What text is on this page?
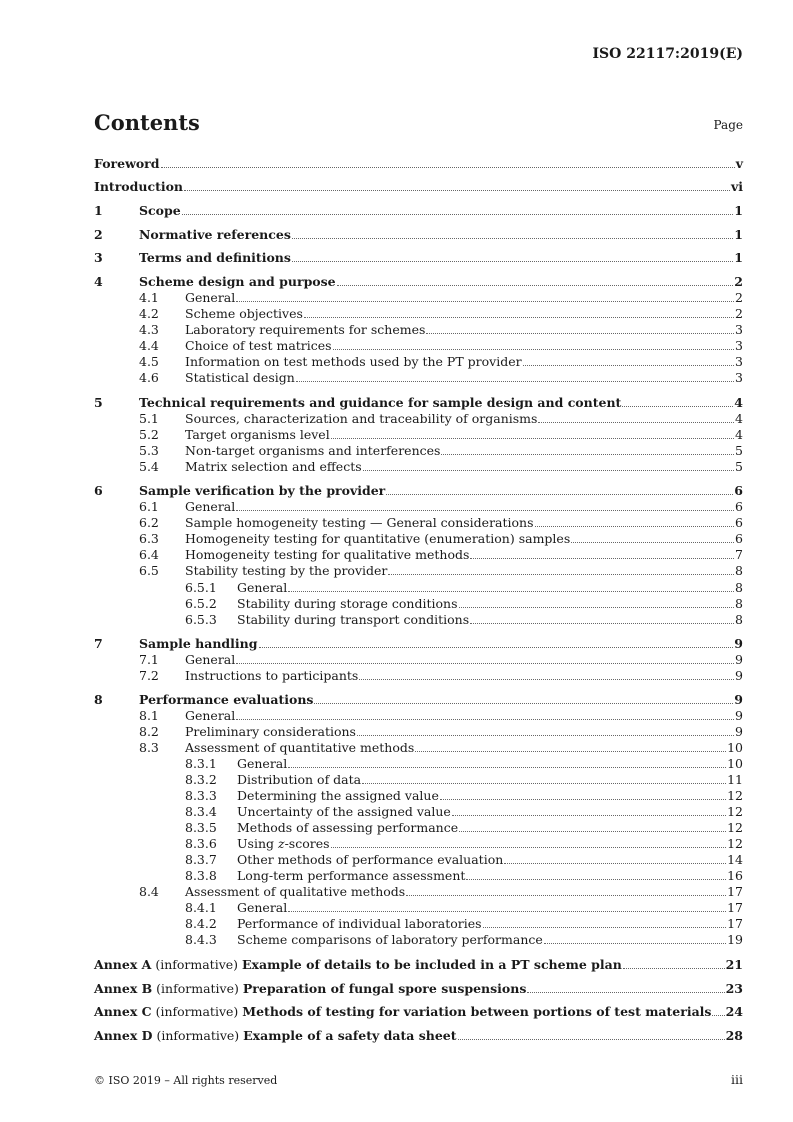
ISO 22117:2019(E)
Contents	Page
Foreword	v
Introduction	vi
1	Scope	1
2	Normative references	1
3	Terms and definitions	1
4	Scheme design and purpose	2
4.1	General	2
4.2	Scheme objectives	2
4.3	Laboratory requirements for schemes	3
4.4	Choice of test matrices	3
4.5	Information on test methods used by the PT provider	3
4.6	Statistical design	3
5	Technical requirements and guidance for sample design and content	4
5.1	Sources, characterization and traceability of organisms	4
5.2	Target organisms level	4
5.3	Non-target organisms and interferences	5
5.4	Matrix selection and effects	5
6	Sample verification by the provider	6
6.1	General	6
6.2	Sample homogeneity testing — General considerations	6
6.3	Homogeneity testing for quantitative (enumeration) samples	6
6.4	Homogeneity testing for qualitative methods	7
6.5	Stability testing by the provider	8
6.5.1	General	8
6.5.2	Stability during storage conditions	8
6.5.3	Stability during transport conditions	8
7	Sample handling	9
7.1	General	9
7.2	Instructions to participants	9
8	Performance evaluations	9
8.1	General	9
8.2	Preliminary considerations	9
8.3	Assessment of quantitative methods	10
8.3.1	General	10
8.3.2	Distribution of data	11
8.3.3	Determining the assigned value	12
8.3.4	Uncertainty of the assigned value	12
8.3.5	Methods of assessing performance	12
8.3.6	Using z-scores	12
8.3.7	Other methods of performance evaluation	14
8.3.8	Long-term performance assessment	16
8.4	Assessment of qualitative methods	17
8.4.1	General	17
8.4.2	Performance of individual laboratories	17
8.4.3	Scheme comparisons of laboratory performance	19
Annex A (informative) Example of details to be included in a PT scheme plan	21
Annex B (informative) Preparation of fungal spore suspensions	23
Annex C (informative) Methods of testing for variation between portions of test materials 24
Annex D (informative) Example of a safety data sheet	28
© ISO 2019 – All rights reserved	iii
